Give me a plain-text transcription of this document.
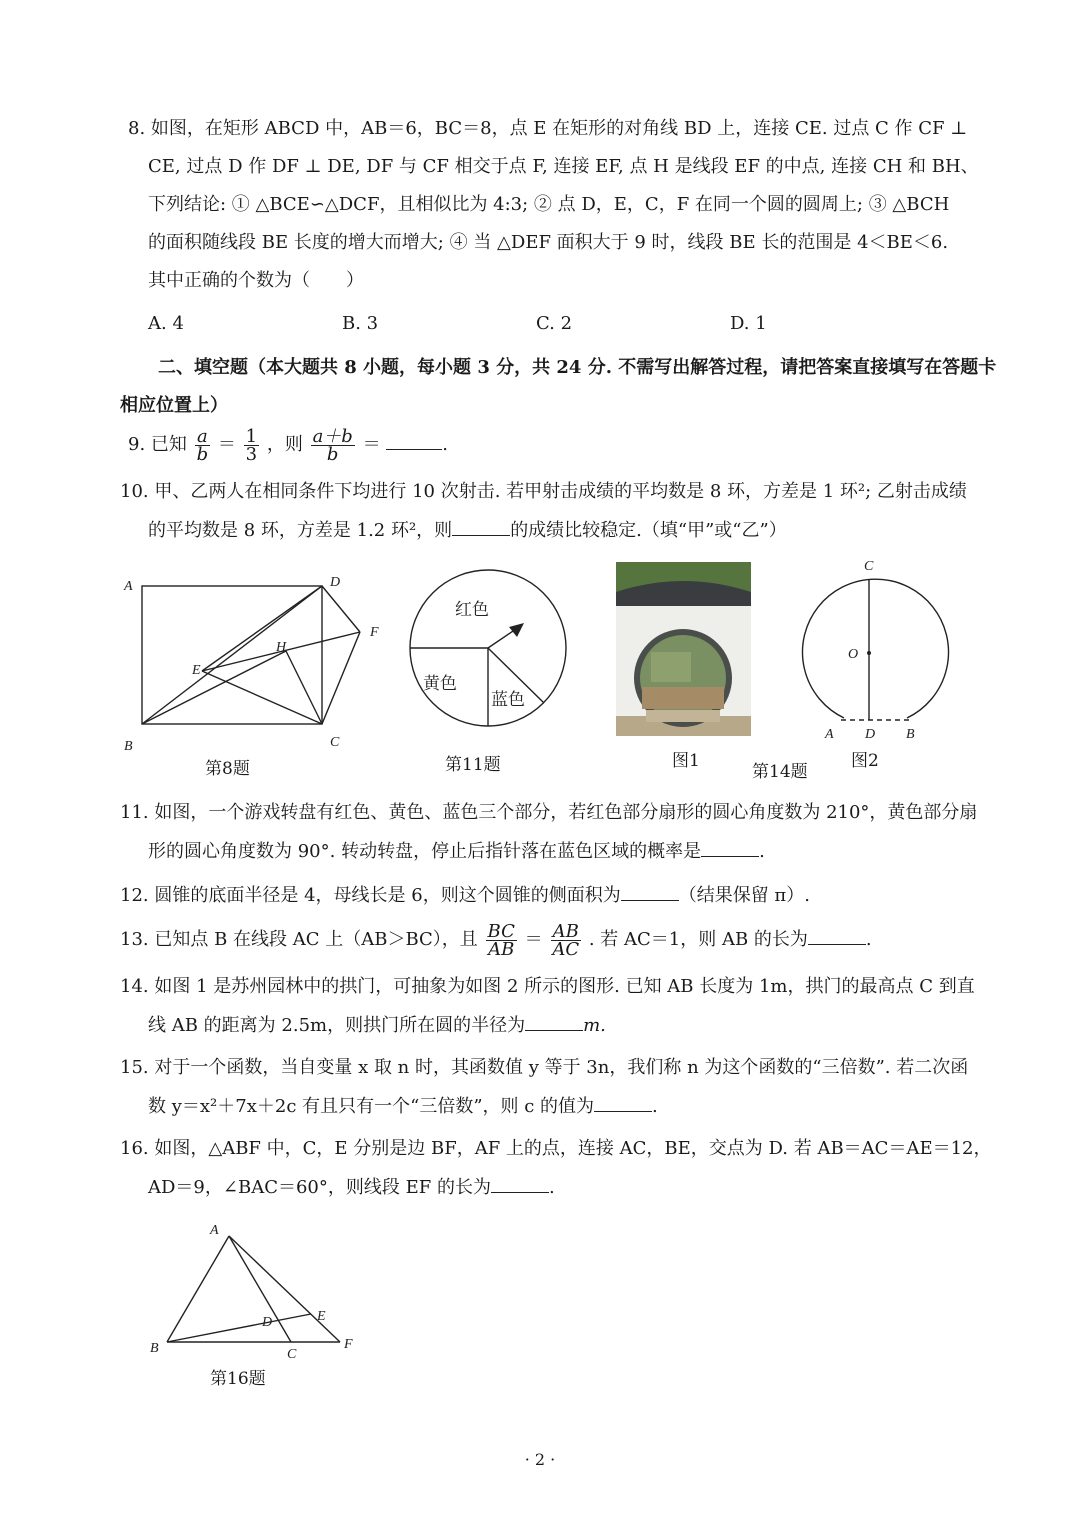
8. 如图，在矩形 ABCD 中，AB＝6，BC＝8，点 E 在矩形的对角线 BD 上，连接 CE. 过点 C 作 CF ⊥
CE, 过点 D 作 DF ⊥ DE, DF 与 CF 相交于点 F, 连接 EF, 点 H 是线段 EF 的中点, 连接 CH 和 BH、
下列结论: ① △BCE∽△DCF，且相似比为 4:3; ② 点 D，E，C，F 在同一个圆的圆周上; ③ △BCH
的面积随线段 BE 长度的增大而增大; ④ 当 △DEF 面积大于 9 时，线段 BE 长的范围是 4＜BE＜6.
其中正确的个数为（　　）
A. 4	B. 3	C. 2	D. 1
二、填空题（本大题共 8 小题，每小题 3 分，共 24 分. 不需写出解答过程，请把答案直接填写在答题卡
相应位置上）
9. 已知 $\frac{a}{b} = \frac{1}{3}$ ，则 $\frac{a+b}{b}$ ＝	.
10. 甲、乙两人在相同条件下均进行 10 次射击. 若甲射击成绩的平均数是 8 环，方差是 1 环²; 乙射击成绩
的平均数是 8 环，方差是 1.2 环²，则	的成绩比较稳定.（填“甲”或“乙”）
A	D
F
H
E
B	C
第8题
红色
黄色
蓝色
第11题	图1
第14题
C
O
A D B
图2
11. 如图，一个游戏转盘有红色、黄色、蓝色三个部分，若红色部分扇形的圆心角度数为 210°，黄色部分扇
形的圆心角度数为 90°. 转动转盘，停止后指针落在蓝色区域的概率是	.
12. 圆锥的底面半径是 4，母线长是 6，则这个圆锥的侧面积为	（结果保留 π）.
13. 已知点 B 在线段 AC 上（AB＞BC），且 $\frac{BC}{AB} = \frac{AB}{AC}$ . 若 AC＝1，则 AB 的长为	.
14. 如图 1 是苏州园林中的拱门，可抽象为如图 2 所示的图形. 已知 AB 长度为 1m，拱门的最高点 C 到直
线 AB 的距离为 2.5m，则拱门所在圆的半径为	m.
15. 对于一个函数，当自变量 x 取 n 时，其函数值 y 等于 3n，我们称 n 为这个函数的“三倍数”. 若二次函
数 y＝x²＋7x＋2c 有且只有一个“三倍数”，则 c 的值为	.
16. 如图，△ABF 中，C，E 分别是边 BF，AF 上的点，连接 AC，BE，交点为 D. 若 AB＝AC＝AE＝12，
AD＝9，∠BAC＝60°，则线段 EF 的长为	.
A
E
D
B	C
F
第16题
· 2 ·
